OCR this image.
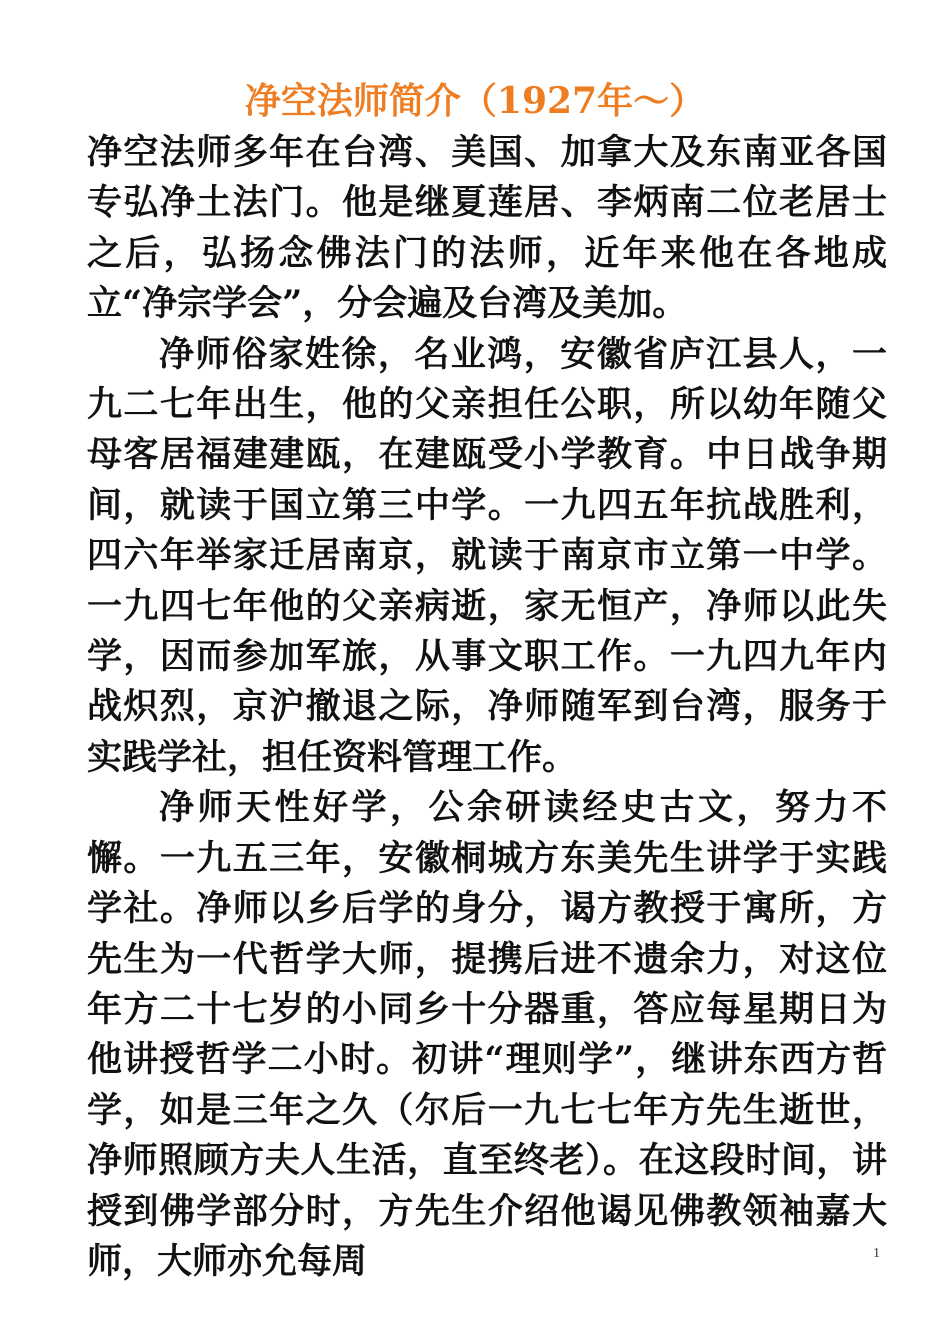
净空法师简介（1927年～）

净空法师多年在台湾、美国、加拿大及东南亚各国专弘净土法门。他是继夏莲居、李炳南二位老居士之后，弘扬念佛法门的法师，近年来他在各地成立“净宗学会”，分会遍及台湾及美加。

净师俗家姓徐，名业鸿，安徽省庐江县人，一九二七年出生，他的父亲担任公职，所以幼年随父母客居福建建瓯，在建瓯受小学教育。中日战争期间，就读于国立第三中学。一九四五年抗战胜利，四六年举家迁居南京，就读于南京市立第一中学。一九四七年他的父亲病逝，家无恒产，净师以此失学，因而参加军旅，从事文职工作。一九四九年内战炽烈，京沪撤退之际，净师随军到台湾，服务于实践学社，担任资料管理工作。

净师天性好学，公余研读经史古文，努力不懈。一九五三年，安徽桐城方东美先生讲学于实践学社。净师以乡后学的身分，谒方教授于寓所，方先生为一代哲学大师，提携后进不遗余力，对这位年方二十七岁的小同乡十分器重，答应每星期日为他讲授哲学二小时。初讲“理则学”，继讲东西方哲学，如是三年之久（尔后一九七七年方先生逝世，净师照顾方夫人生活，直至终老）。在这段时间，讲授到佛学部分时，方先生介绍他谒见佛教领袖嘉大师，大师亦允每周	1
